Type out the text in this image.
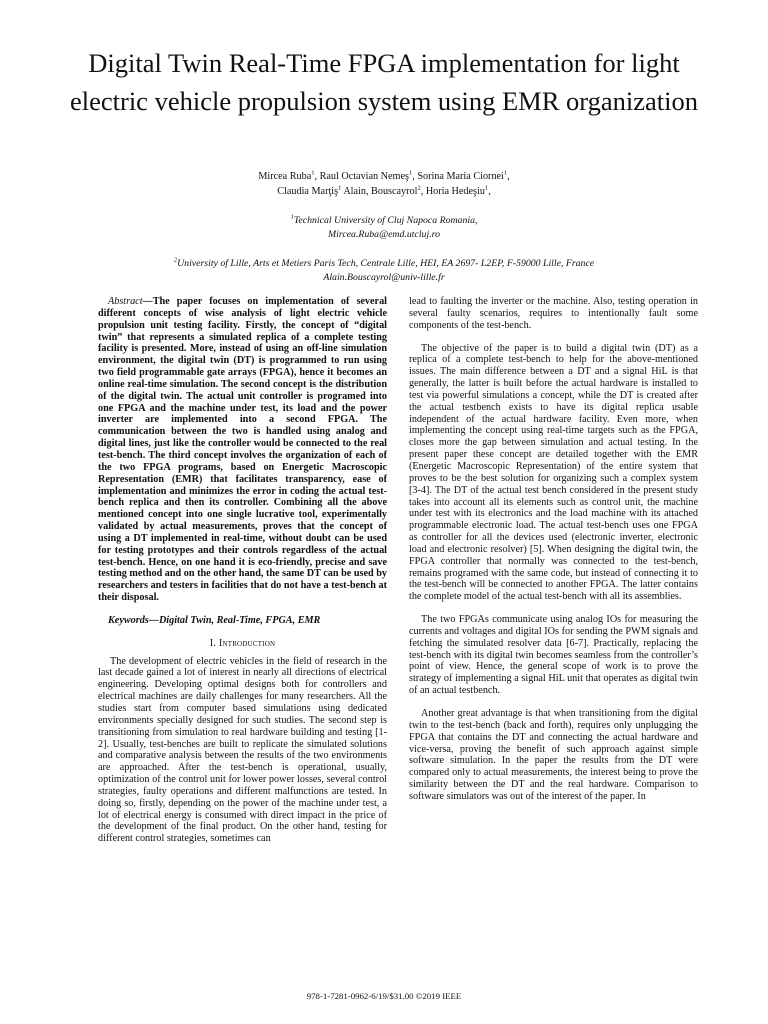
Digital Twin Real-Time FPGA implementation for light electric vehicle propulsion system using EMR organization
Mircea Ruba$^1$, Raul Octavian Nemeş$^1$, Sorina Maria Ciornei$^1$,
Claudia Marţiş$^1$ Alain, Bouscayrol$^2$, Horia Hedeşiu$^1$,
$^1$Technical University of Cluj Napoca Romania,
Mircea.Ruba@emd.utcluj.ro
$^2$University of Lille, Arts et Metiers Paris Tech, Centrale Lille, HEI, EA 2697- L2EP, F-59000 Lille, France
Alain.Bouscayrol@univ-lille.fr

Abstract—The paper focuses on implementation of several different concepts of wise analysis of light electric vehicle propulsion unit testing facility. Firstly, the concept of “digital twin” that represents a simulated replica of a complete testing facility is presented. More, instead of using an off-line simulation environment, the digital twin (DT) is programmed to run using two field programmable gate arrays (FPGA), hence it becomes an online real-time simulation. The second concept is the distribution of the digital twin. The actual unit controller is programed into one FPGA and the machine under test, its load and the power inverter are implemented into a second FPGA. The communication between the two is handled using analog and digital lines, just like the controller would be connected to the real test-bench. The third concept involves the organization of each of the two FPGA programs, based on Energetic Macroscopic Representation (EMR) that facilitates transparency, ease of implementation and minimizes the error in coding the actual test-bench replica and then its controller. Combining all the above mentioned concept into one single lucrative tool, experimentally validated by actual measurements, proves that the concept of using a DT implemented in real-time, without doubt can be used for testing prototypes and their controls regardless of the actual test-bench. Hence, on one hand it is eco-friendly, precise and save testing method and on the other hand, the same DT can be used by researchers and testers in facilities that do not have a test-bench at their disposal.

Keywords—Digital Twin, Real-Time, FPGA, EMR

I. Introduction

The development of electric vehicles in the field of research in the last decade gained a lot of interest in nearly all directions of electrical engineering. Developing optimal designs both for controllers and electrical machines are daily challenges for many researchers. All the studies start from computer based simulations using dedicated environments specially designed for such studies. The second step is transitioning from simulation to real hardware building and testing [1-2]. Usually, test-benches are built to replicate the simulated solutions and comparative analysis between the results of the two environments are approached. After the test-bench is operational, usually, optimization of the control unit for lower power losses, several control strategies, faulty operations and different malfunctions are tested. In doing so, firstly, depending on the power of the machine under test, a lot of electrical energy is consumed with direct impact in the price of the development of the final product. On the other hand, testing for different control strategies, sometimes can

lead to faulting the inverter or the machine. Also, testing operation in several faulty scenarios, requires to intentionally fault some components of the test-bench.

The objective of the paper is to build a digital twin (DT) as a replica of a complete test-bench to help for the above-mentioned issues. The main difference between a DT and a signal HiL is that generally, the latter is built before the actual hardware is installed to test via powerful simulations a concept, while the DT is created after the actual testbench exists to have its digital replica usable independent of the actual hardware facility. Even more, when implementing the concept using real-time targets such as the FPGA, closes more the gap between simulation and actual testing. In the present paper these concept are detailed together with the EMR (Energetic Macroscopic Representation) of the entire system that proves to be the best solution for organizing such a complex system [3-4]. The DT of the actual test bench considered in the present study takes into account all its elements such as control unit, the machine under test with its electronics and the load machine with its attached programmable electronic load. The actual test-bench uses one FPGA as controller for all the devices used (electronic inverter, electronic load and electronic resolver) [5]. When designing the digital twin, the FPGA controller that normally was connected to the test-bench, remains programed with the same code, but instead of connecting it to the test-bench will be connected to another FPGA. The latter contains the complete model of the actual test-bench with all its assemblies.

The two FPGAs communicate using analog IOs for measuring the currents and voltages and digital IOs for sending the PWM signals and fetching the simulated resolver data [6-7]. Practically, replacing the test-bench with its digital twin becomes seamless from the controller’s point of view. Hence, the general scope of work is to prove the strategy of implementing a signal HiL unit that operates as digital twin of an actual testbench.

Another great advantage is that when transitioning from the digital twin to the test-bench (back and forth), requires only unplugging the FPGA that contains the DT and connecting the actual hardware and vice-versa, proving the benefit of such approach against simple software simulation. In the paper the results from the DT were compared only to actual measurements, the interest being to prove the similarity between the DT and the real hardware. Comparison to software simulators was out of the interest of the paper. In

978-1-7281-0962-6/19/$31.00 ©2019 IEEE
